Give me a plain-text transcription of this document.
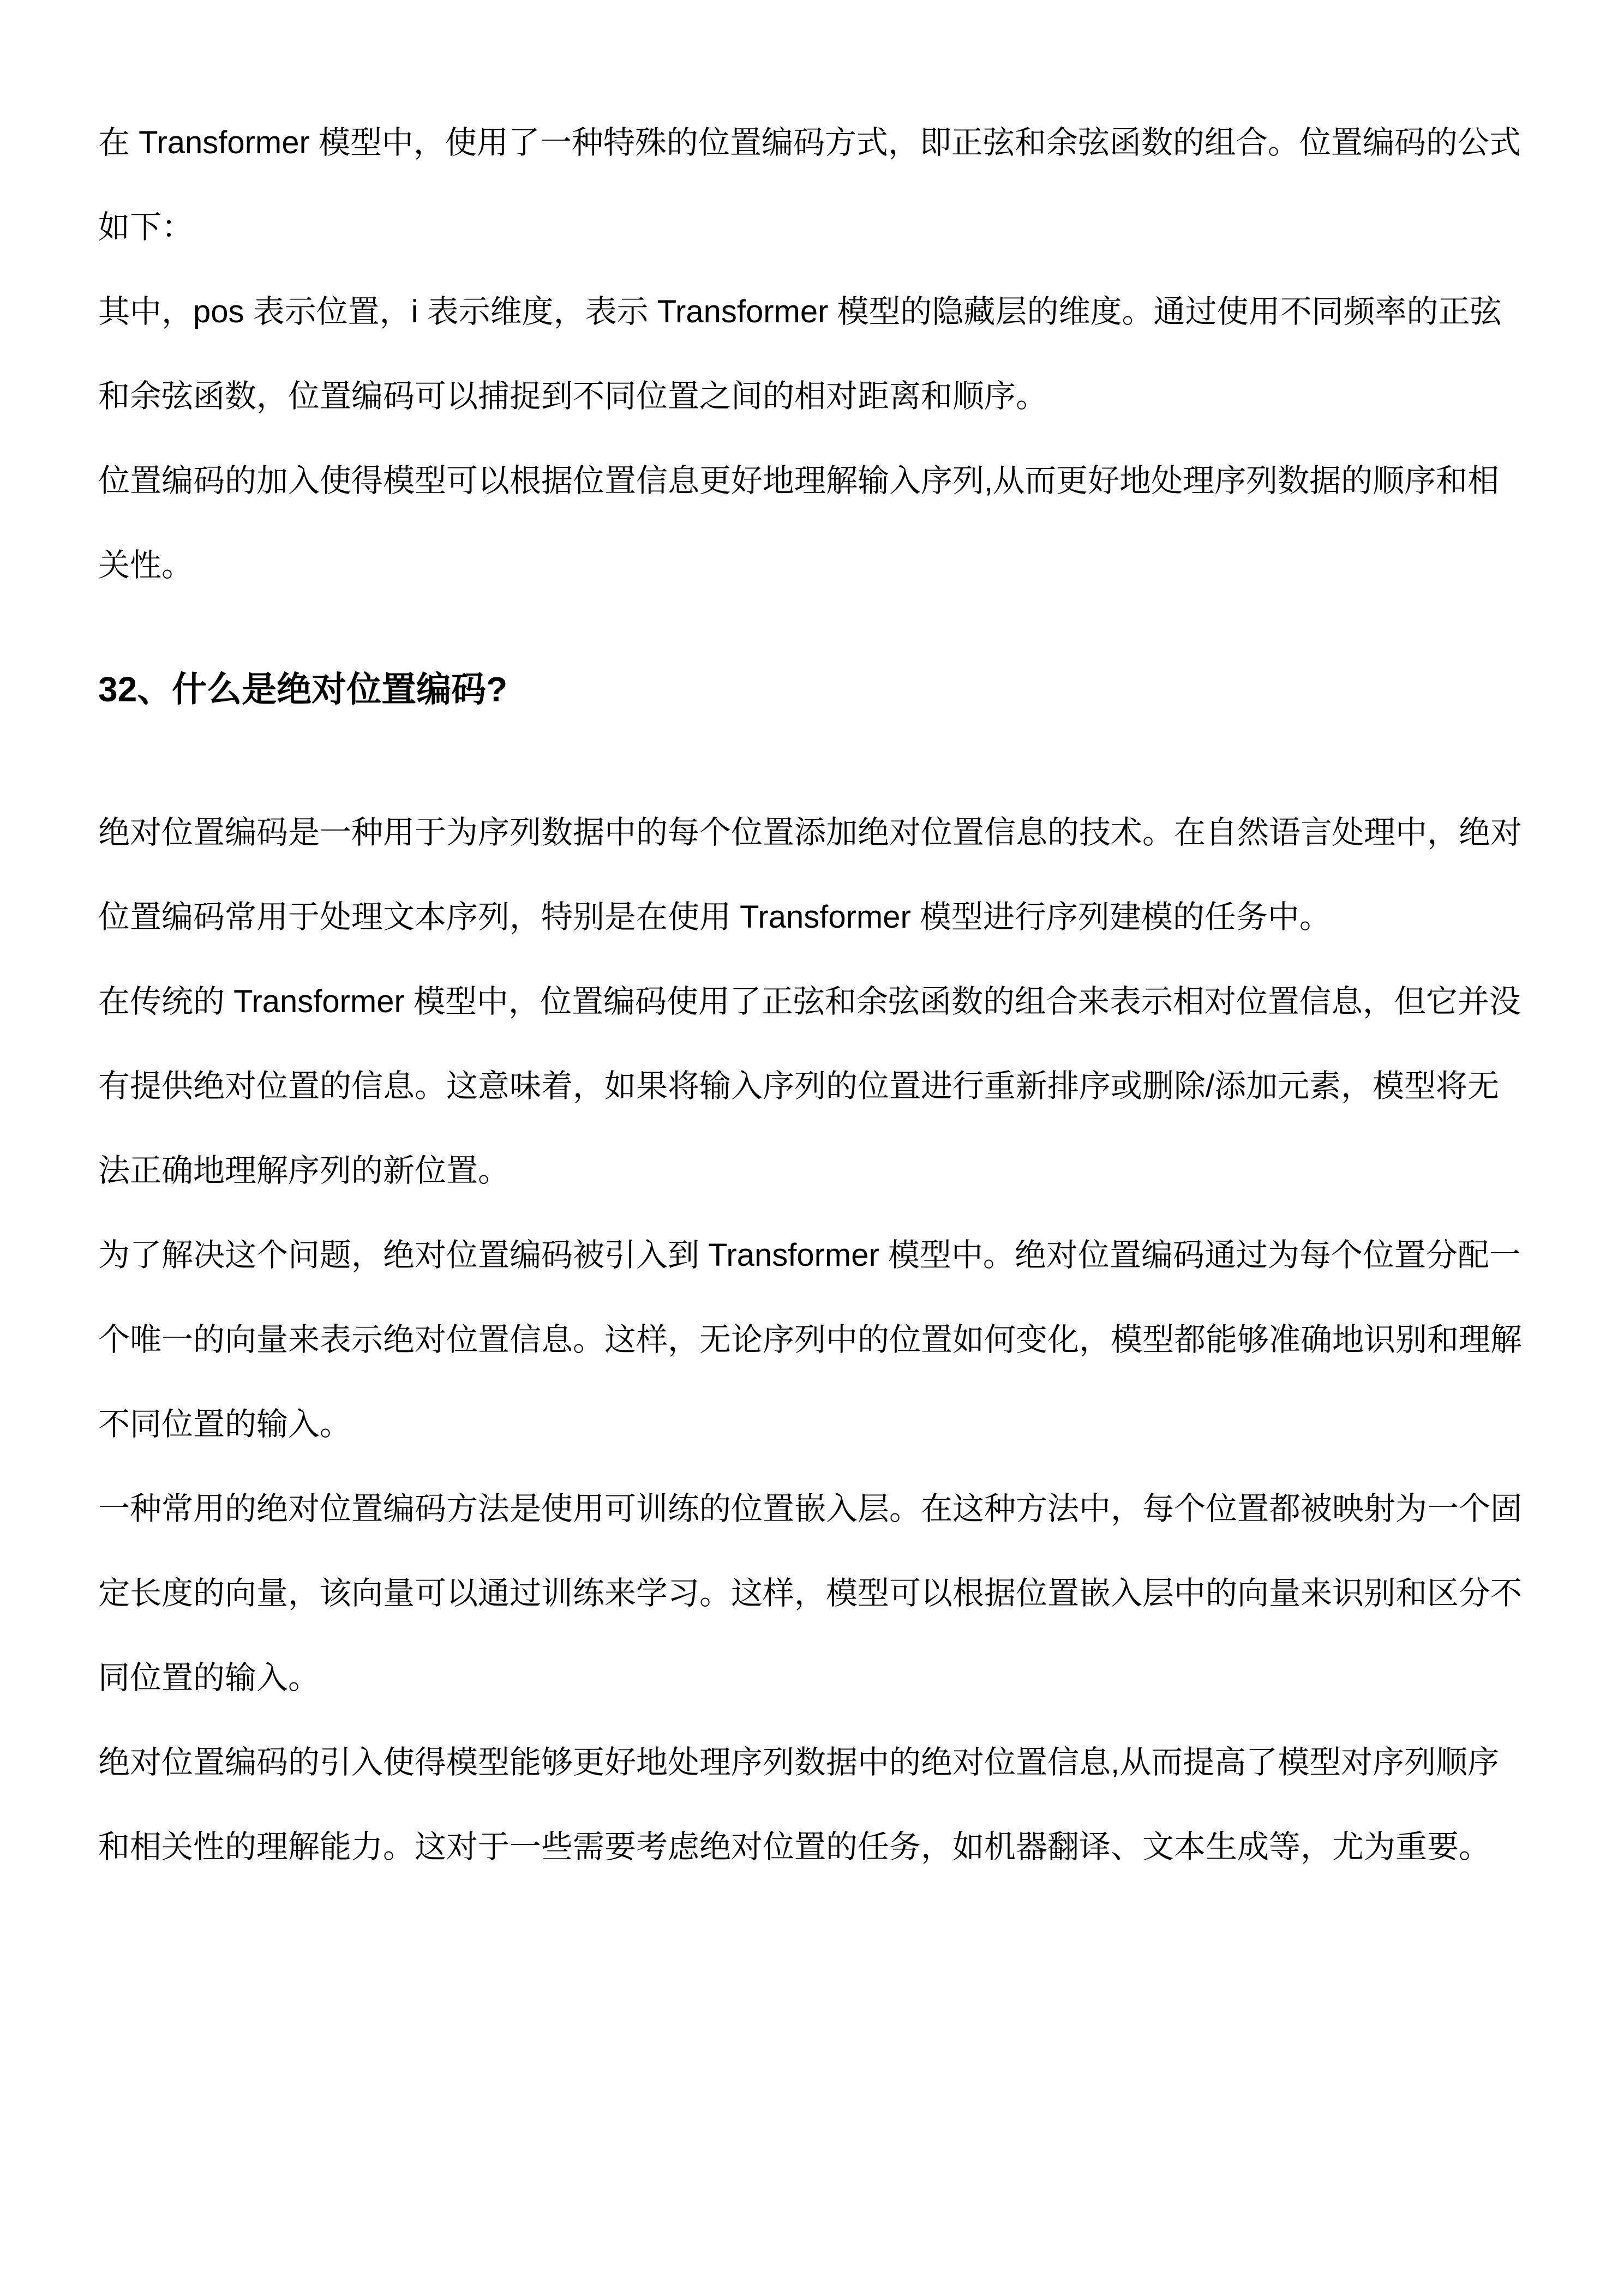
在 Transformer 模型中，使用了一种特殊的位置编码方式，即正弦和余弦函数的组合。位置编码的公式如下：

其中，pos 表示位置，i 表示维度，表示 Transformer 模型的隐藏层的维度。通过使用不同频率的正弦和余弦函数，位置编码可以捕捉到不同位置之间的相对距离和顺序。

位置编码的加入使得模型可以根据位置信息更好地理解输入序列,从而更好地处理序列数据的顺序和相关性。

32、什么是绝对位置编码?

绝对位置编码是一种用于为序列数据中的每个位置添加绝对位置信息的技术。在自然语言处理中，绝对位置编码常用于处理文本序列，特别是在使用 Transformer 模型进行序列建模的任务中。

在传统的 Transformer 模型中，位置编码使用了正弦和余弦函数的组合来表示相对位置信息，但它并没有提供绝对位置的信息。这意味着，如果将输入序列的位置进行重新排序或删除/添加元素，模型将无法正确地理解序列的新位置。

为了解决这个问题，绝对位置编码被引入到 Transformer 模型中。绝对位置编码通过为每个位置分配一个唯一的向量来表示绝对位置信息。这样，无论序列中的位置如何变化，模型都能够准确地识别和理解不同位置的输入。

一种常用的绝对位置编码方法是使用可训练的位置嵌入层。在这种方法中，每个位置都被映射为一个固定长度的向量，该向量可以通过训练来学习。这样，模型可以根据位置嵌入层中的向量来识别和区分不同位置的输入。

绝对位置编码的引入使得模型能够更好地处理序列数据中的绝对位置信息,从而提高了模型对序列顺序和相关性的理解能力。这对于一些需要考虑绝对位置的任务，如机器翻译、文本生成等，尤为重要。
